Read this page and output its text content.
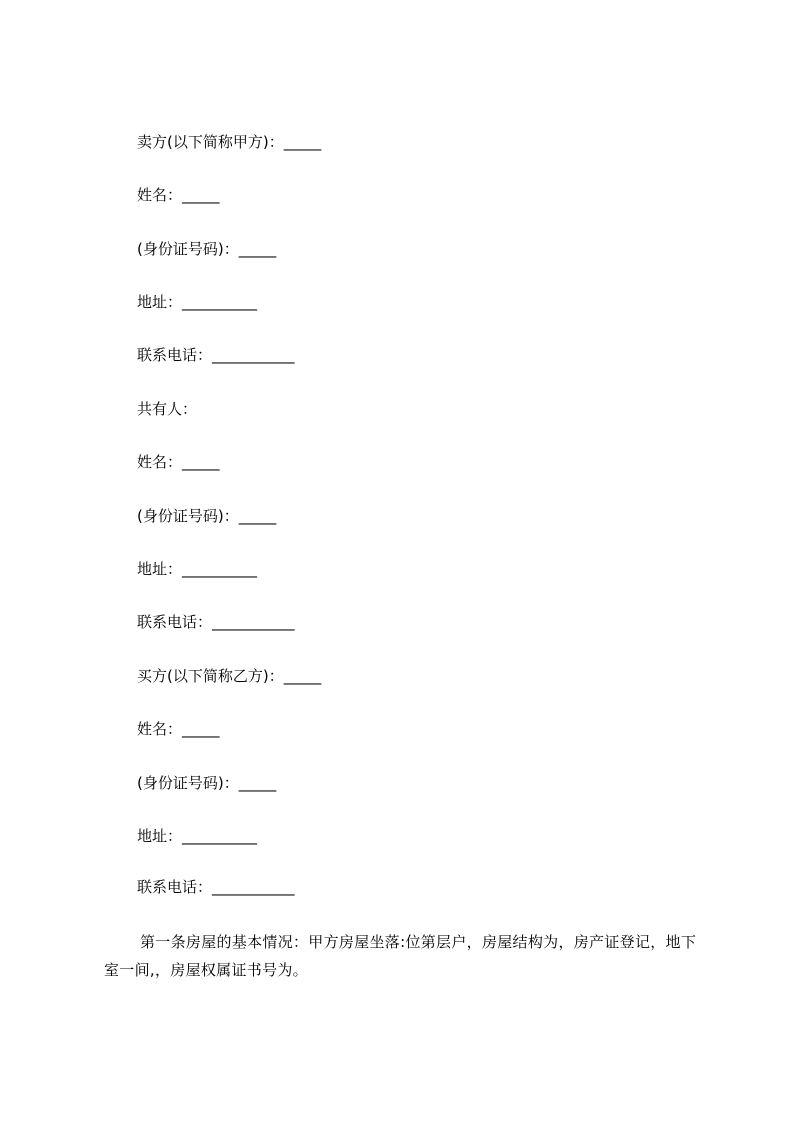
卖方(以下简称甲方)：_____
姓名：_____
(身份证号码)：_____
地址：__________
联系电话：___________
共有人：
姓名：_____
(身份证号码)：_____
地址：__________
联系电话：___________
买方(以下简称乙方)：_____
姓名：_____
(身份证号码)：_____
地址：__________
联系电话：___________
第一条房屋的基本情况：甲方房屋坐落:位第层户，房屋结构为，房产证登记，地下室一间,，房屋权属证书号为。
